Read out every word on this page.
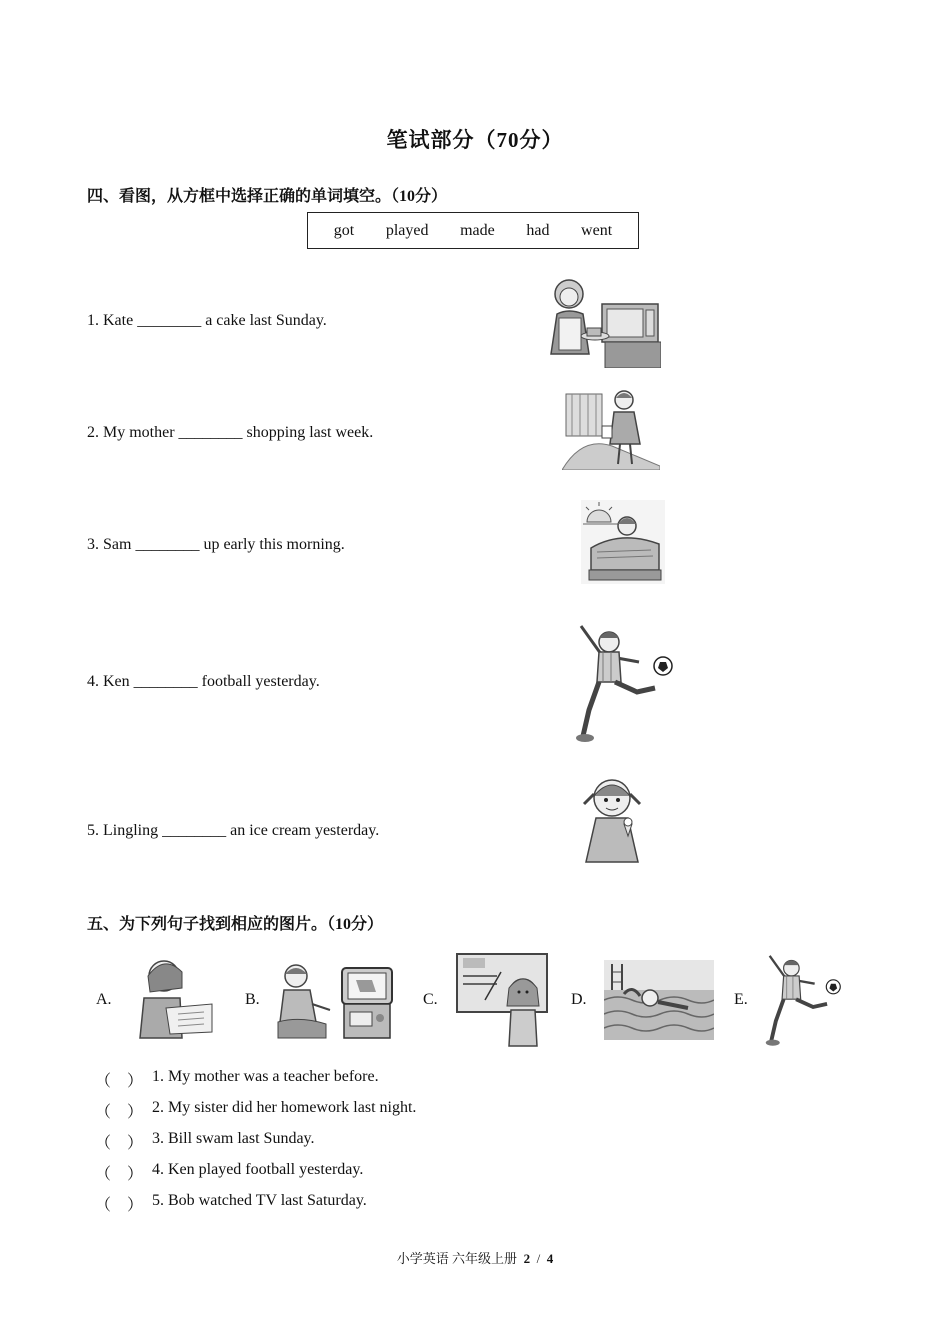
笔试部分（70分）
四、看图，从方框中选择正确的单词填空。（10分）
got played made had went
1. Kate ________ a cake last Sunday.
2. My mother ________ shopping last week.
3. Sam ________ up early this morning.
4. Ken ________ football yesterday.
5. Lingling ________ an ice cream yesterday.
五、为下列句子找到相应的图片。（10分）
A.	B.	C.	D.	E.
（ ） 1. My mother was a teacher before.
（ ） 2. My sister did her homework last night.
（ ） 3. Bill swam last Sunday.
（ ） 4. Ken played football yesterday.
（ ） 5. Bob watched TV last Saturday.
小学英语 六年级上册 2 / 4
